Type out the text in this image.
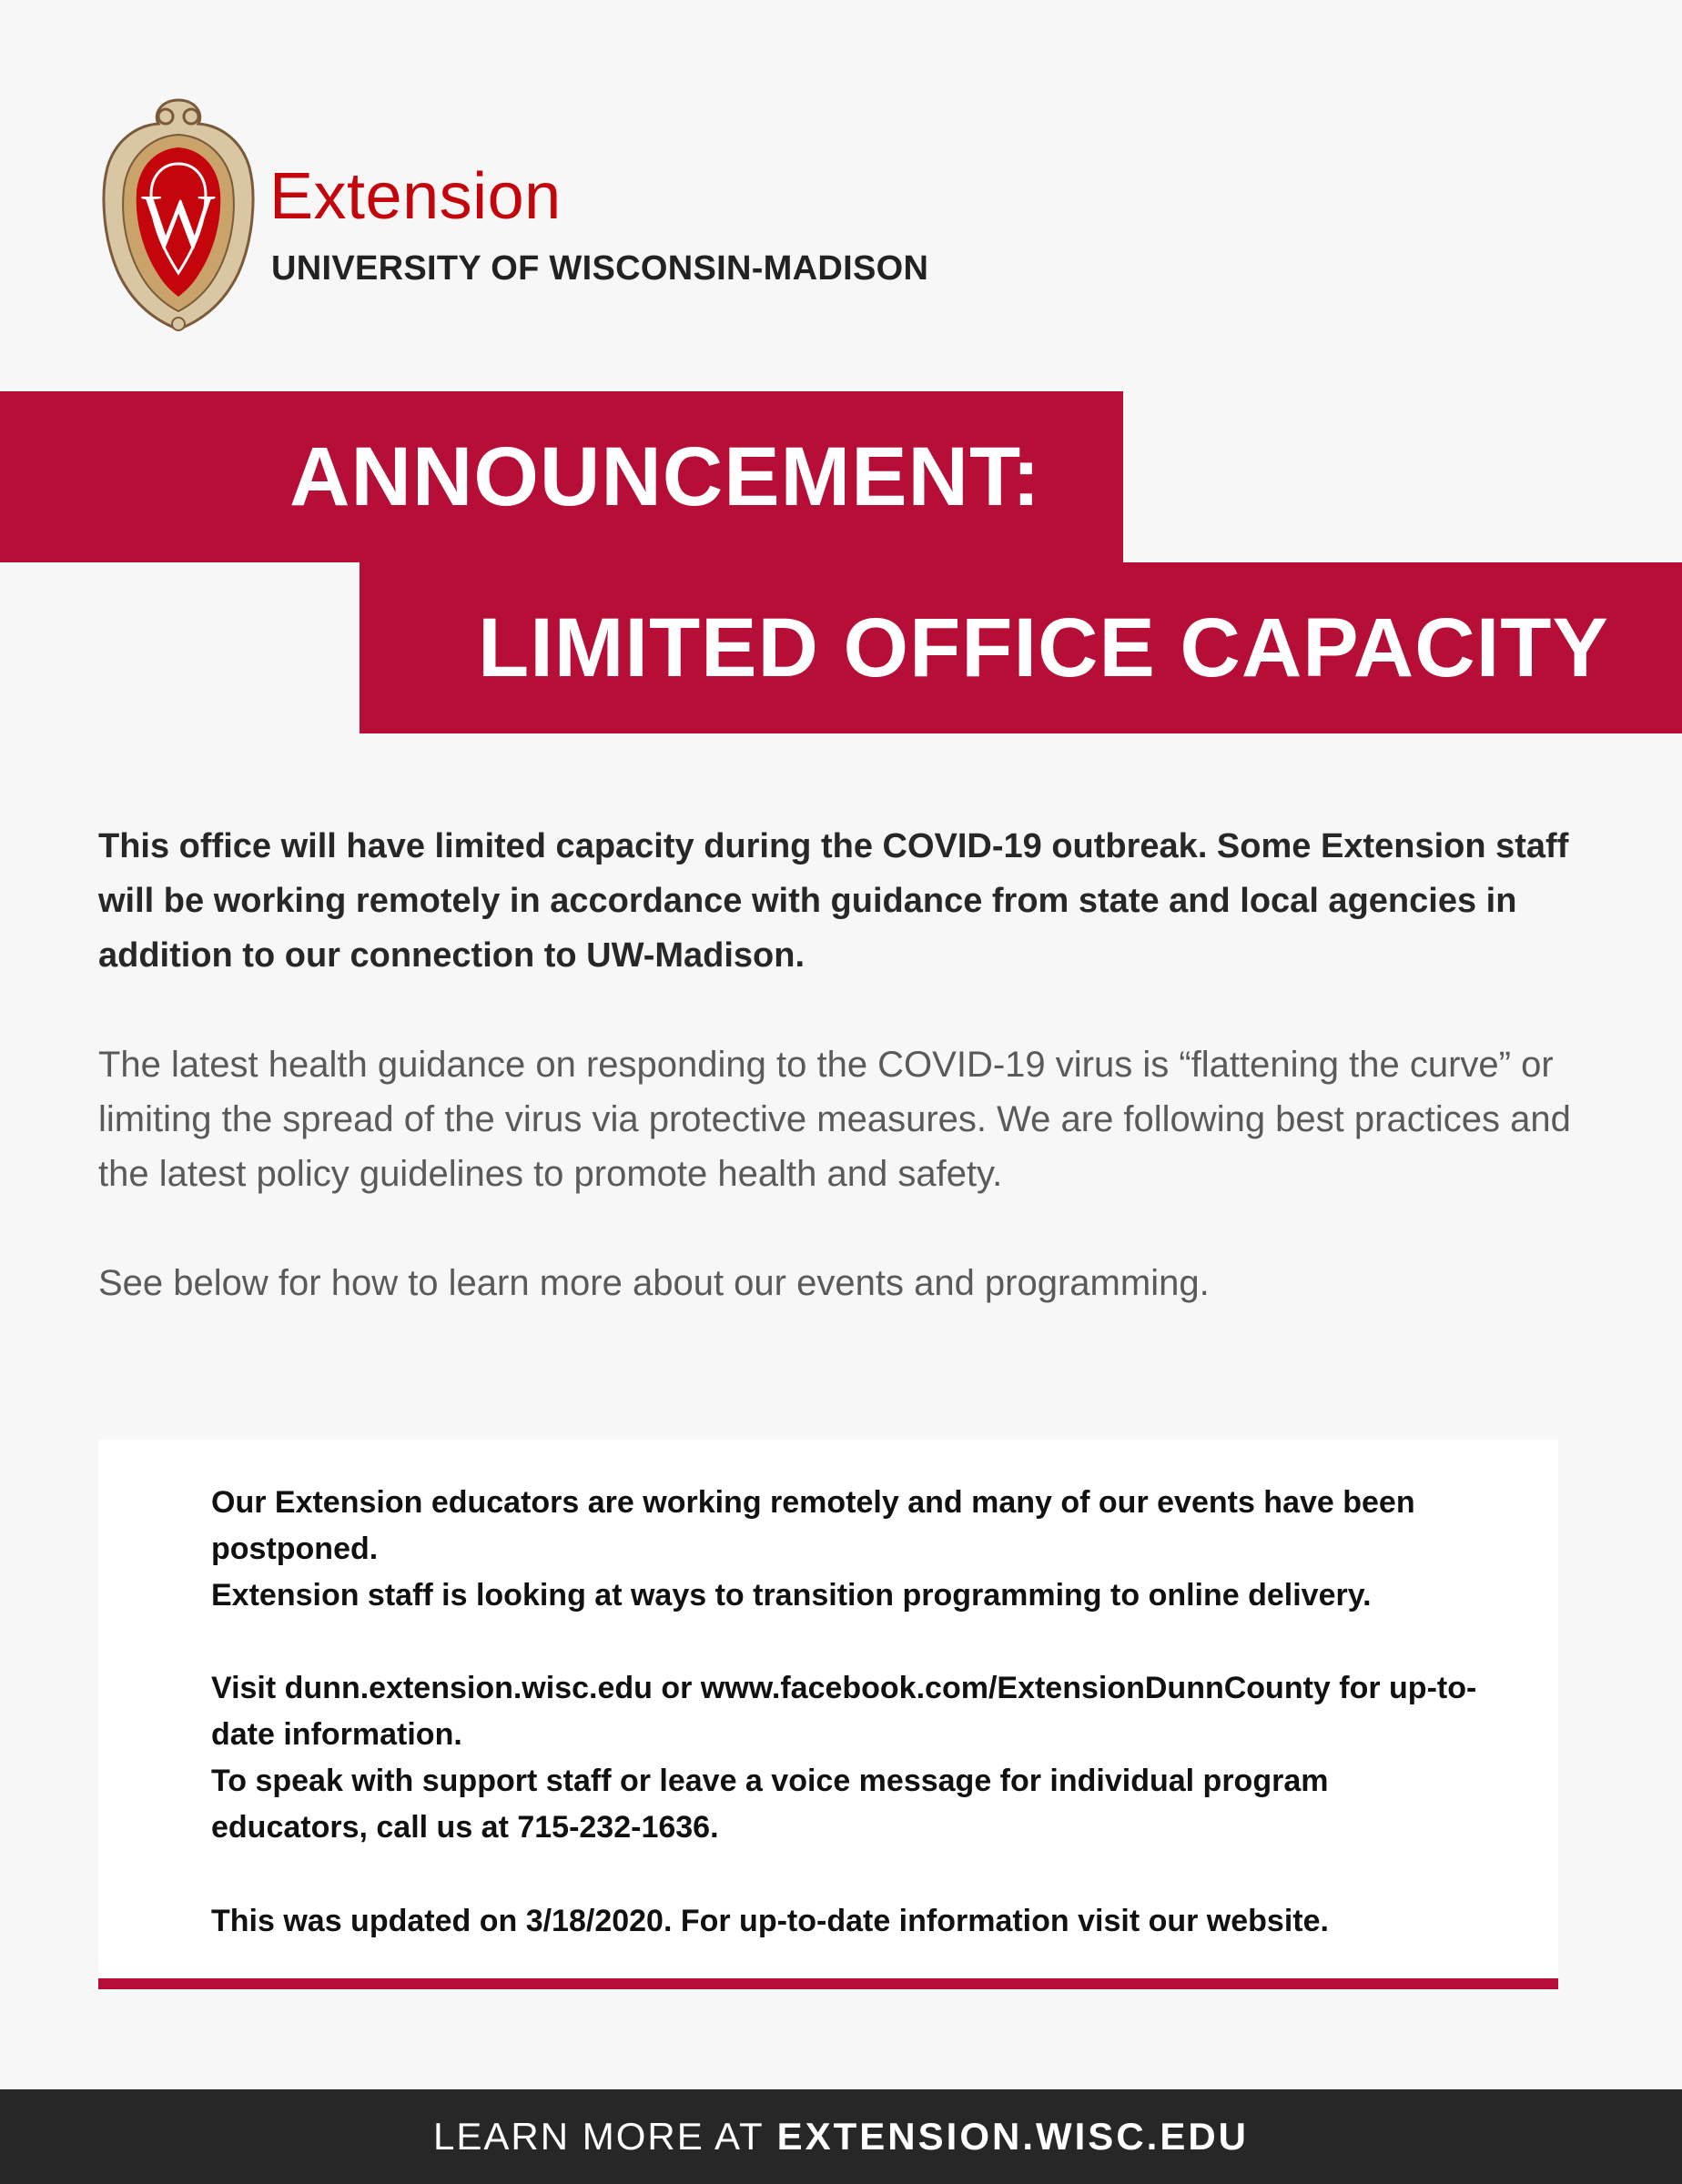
W Extension
UNIVERSITY OF WISCONSIN-MADISON
ANNOUNCEMENT:
LIMITED OFFICE CAPACITY

This office will have limited capacity during the COVID-19 outbreak. Some Extension staff will be working remotely in accordance with guidance from state and local agencies in addition to our connection to UW-Madison.

The latest health guidance on responding to the COVID-19 virus is “flattening the curve” or limiting the spread of the virus via protective measures. We are following best practices and the latest policy guidelines to promote health and safety.

See below for how to learn more about our events and programming.

Our Extension educators are working remotely and many of our events have been postponed.

Extension staff is looking at ways to transition programming to online delivery.

Visit dunn.extension.wisc.edu or www.facebook.com/ExtensionDunnCounty for up-to-date information.

To speak with support staff or leave a voice message for individual program educators, call us at 715-232-1636.

This was updated on 3/18/2020. For up-to-date information visit our website.

LEARN MORE AT EXTENSION.WISC.EDU
